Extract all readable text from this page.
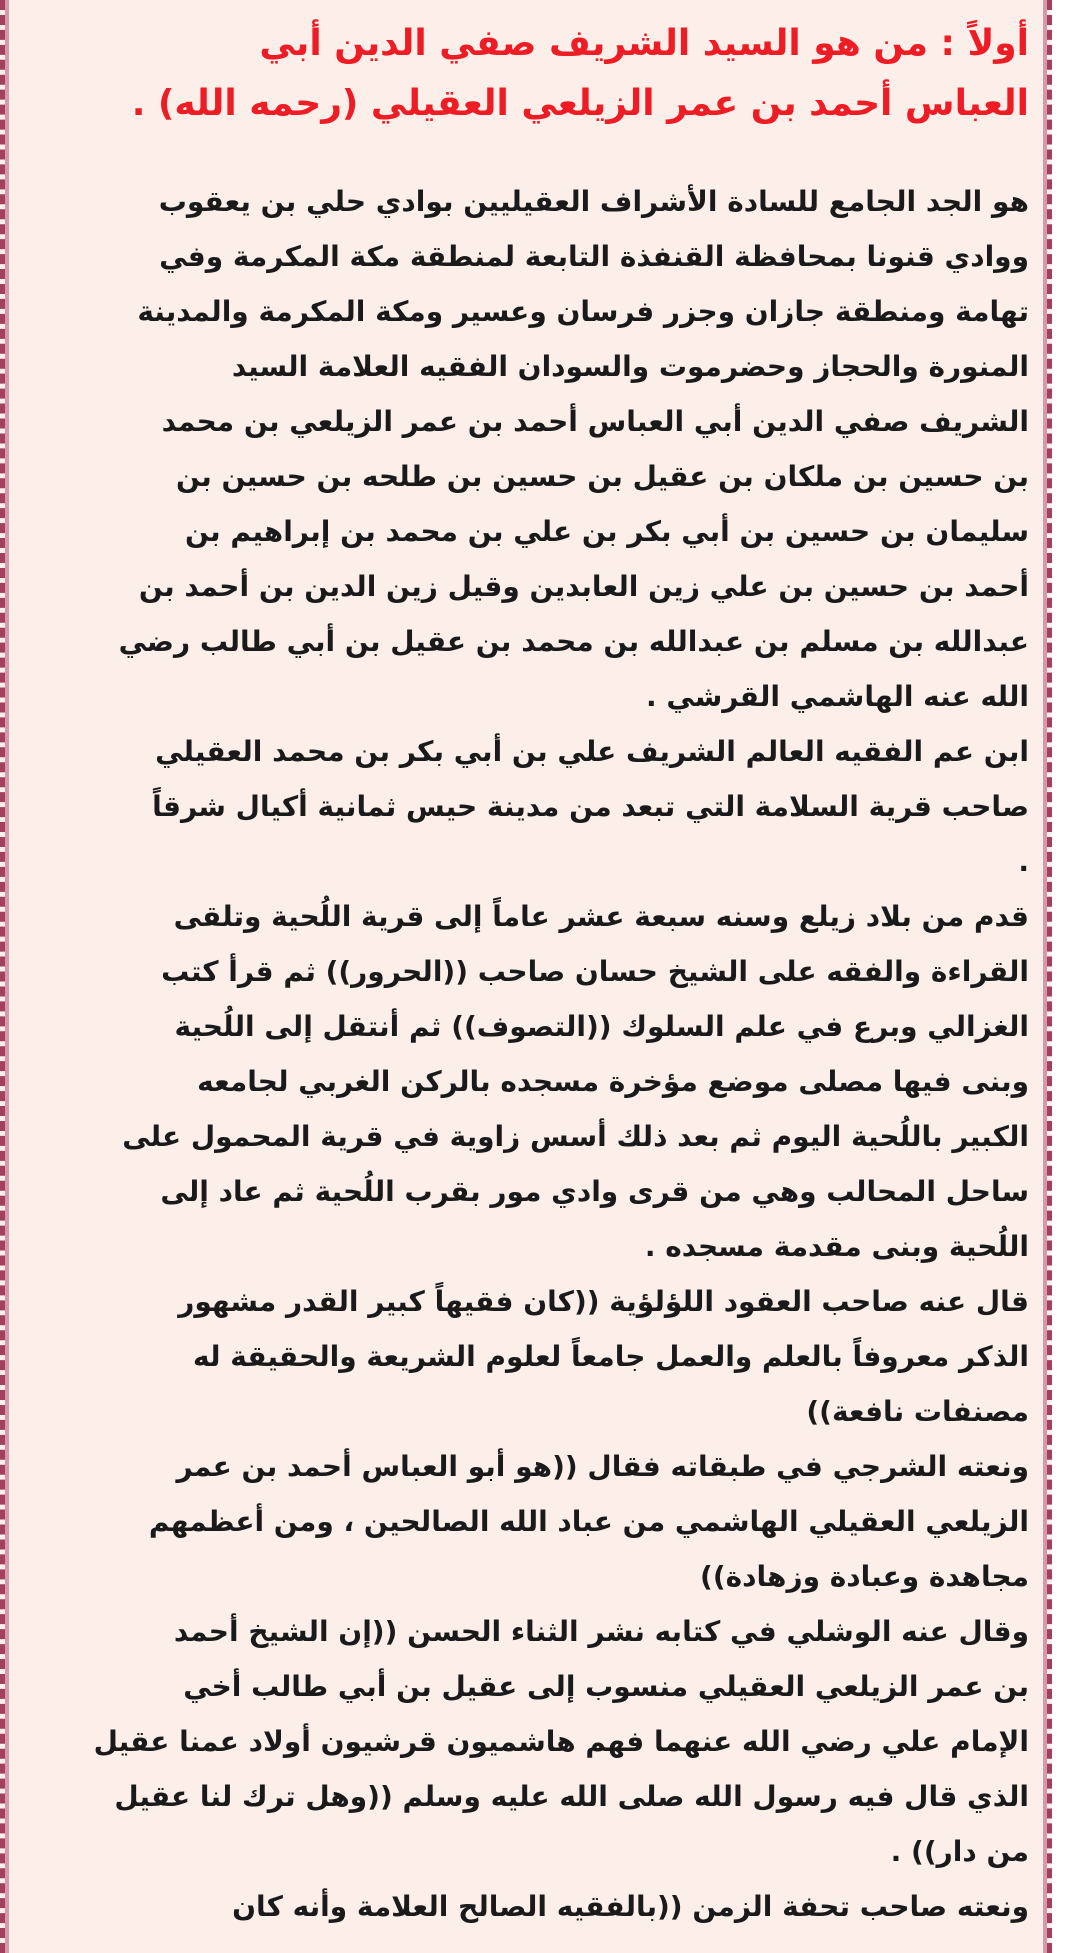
أولاً : من هو السيد الشريف صفي الدين أبي
العباس أحمد بن عمر الزيلعي العقيلي (رحمه الله) .
هو الجد الجامع للسادة الأشراف العقيليين بوادي حلي بن يعقوب
ووادي قنونا بمحافظة القنفذة التابعة لمنطقة مكة المكرمة وفي
تهامة ومنطقة جازان وجزر فرسان وعسير ومكة المكرمة والمدينة
المنورة والحجاز وحضرموت والسودان الفقيه العلامة السيد
الشريف صفي الدين أبي العباس أحمد بن عمر الزيلعي بن محمد
بن حسين بن ملكان بن عقيل بن حسين بن طلحه بن حسين بن
سليمان بن حسين بن أبي بكر بن علي بن محمد بن إبراهيم بن
أحمد بن حسين بن علي زين العابدين وقيل زين الدين بن أحمد بن
عبدالله بن مسلم بن عبدالله بن محمد بن عقيل بن أبي طالب رضي
الله عنه الهاشمي القرشي .
ابن عم الفقيه العالم الشريف علي بن أبي بكر بن محمد العقيلي
صاحب قرية السلامة التي تبعد من مدينة حيس ثمانية أكيال شرقاً
.
قدم من بلاد زيلع وسنه سبعة عشر عاماً إلى قرية اللُحية وتلقى
القراءة والفقه على الشيخ حسان صاحب ((الحرور)) ثم قرأ كتب
الغزالي وبرع في علم السلوك ((التصوف)) ثم أنتقل إلى اللُحية
وبنى فيها مصلى موضع مؤخرة مسجده بالركن الغربي لجامعه
الكبير باللُحية اليوم ثم بعد ذلك أسس زاوية في قرية المحمول على
ساحل المحالب وهي من قرى وادي مور بقرب اللُحية ثم عاد إلى
اللُحية وبنى مقدمة مسجده .
قال عنه صاحب العقود اللؤلؤية ((كان فقيهاً كبير القدر مشهور
الذكر معروفاً بالعلم والعمل جامعاً لعلوم الشريعة والحقيقة له
مصنفات نافعة))
ونعته الشرجي في طبقاته فقال ((هو أبو العباس أحمد بن عمر
الزيلعي العقيلي الهاشمي من عباد الله الصالحين ، ومن أعظمهم
مجاهدة وعبادة وزهادة))
وقال عنه الوشلي في كتابه نشر الثناء الحسن ((إن الشيخ أحمد
بن عمر الزيلعي العقيلي منسوب إلى عقيل بن أبي طالب أخي
الإمام علي رضي الله عنهما فهم هاشميون قرشيون أولاد عمنا عقيل
الذي قال فيه رسول الله صلى الله عليه وسلم ((وهل ترك لنا عقيل
من دار)) .
ونعته صاحب تحفة الزمن ((بالفقيه الصالح العلامة وأنه كان
